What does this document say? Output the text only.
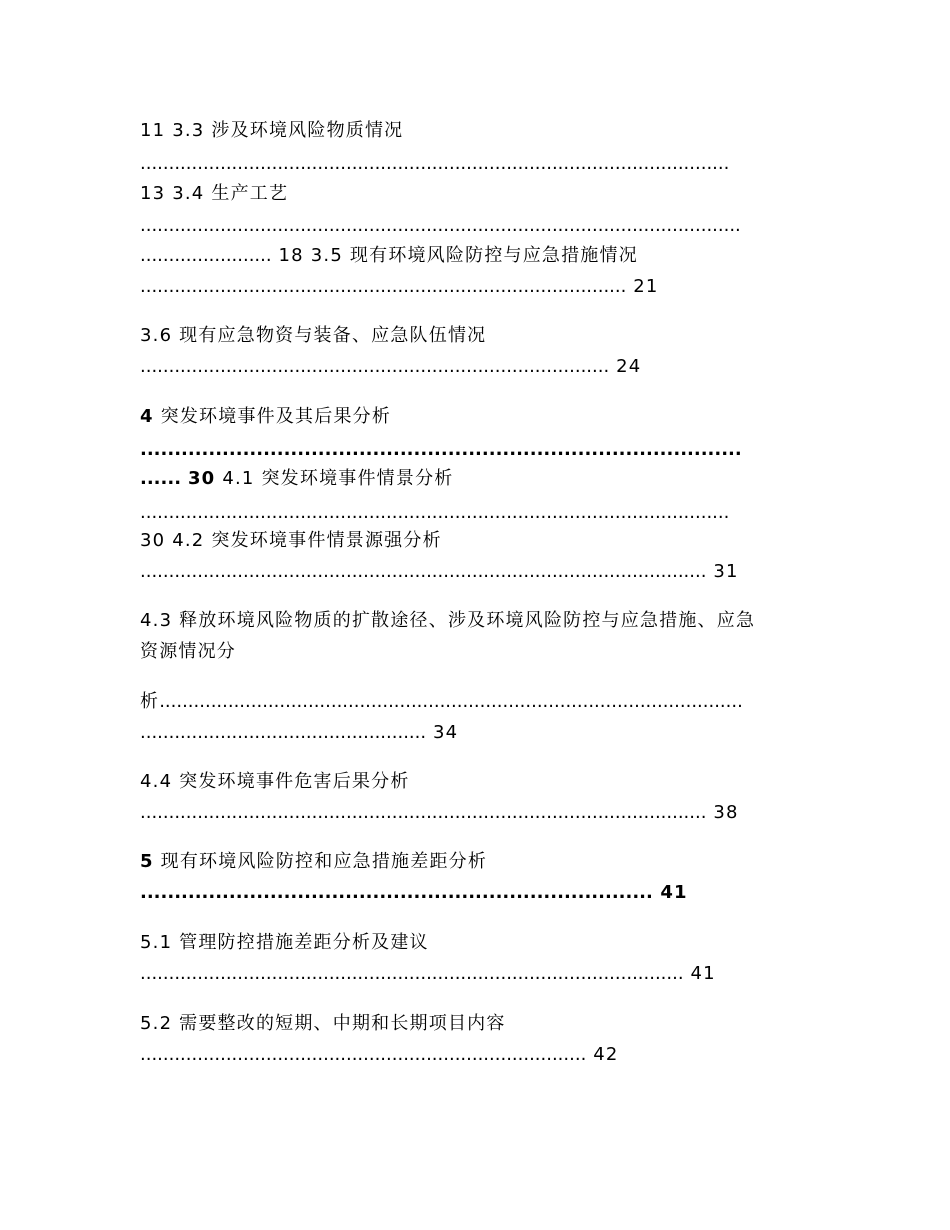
11 3.3 涉及环境风险物质情况
.......................................................................................................
13 3.4 生产工艺
.........................................................................................................
....................... 18 3.5 现有环境风险防控与应急措施情况
..................................................................................... 21
3.6 现有应急物资与装备、应急队伍情况
.................................................................................. 24
4 突发环境事件及其后果分析
........................................................................................
...... 30 4.1 突发环境事件情景分析
.......................................................................................................
30 4.2 突发环境事件情景源强分析
................................................................................................... 31
4.3 释放环境风险物质的扩散途径、涉及环境风险防控与应急措施、应急
资源情况分
析......................................................................................................
.................................................. 34
4.4 突发环境事件危害后果分析
................................................................................................... 38
5 现有环境风险防控和应急措施差距分析
........................................................................... 41
5.1 管理防控措施差距分析及建议
............................................................................................... 41
5.2 需要整改的短期、中期和长期项目内容
.............................................................................. 42
